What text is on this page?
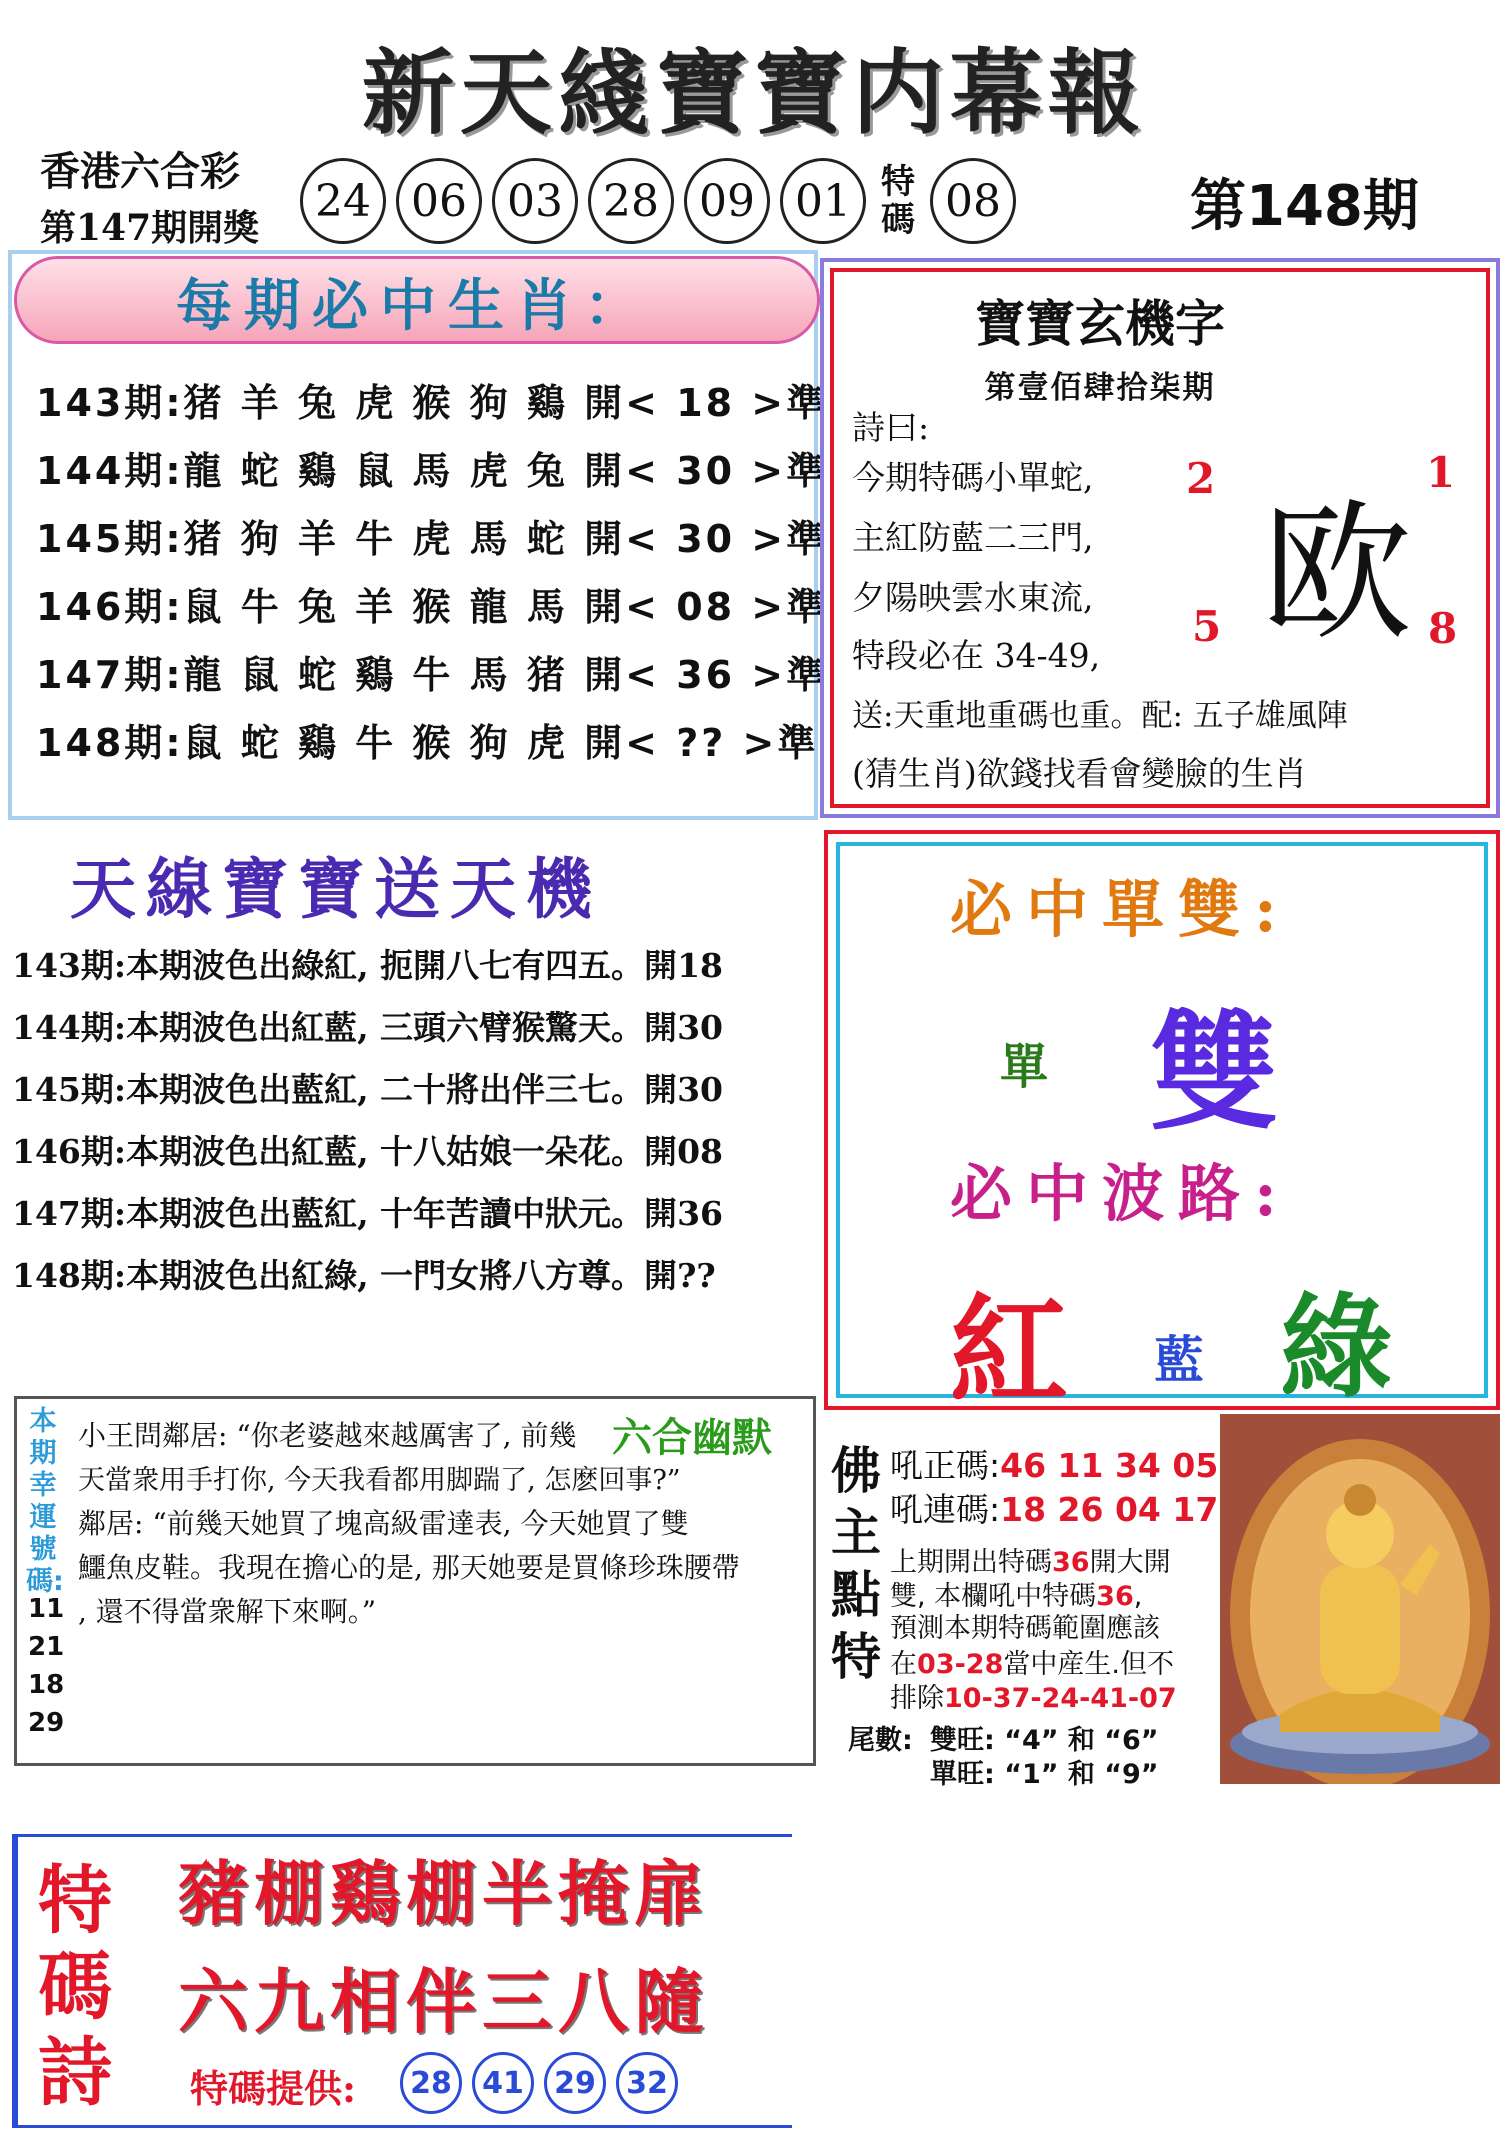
新天綫寶寶内幕報
香港六合彩
第147期開獎
24 06 03 28 09 01 特碼 08	第148期
每期必中生肖：
143期:猪 羊 兔 虎 猴 狗 鷄 開< 18 >準
144期:龍 蛇 鷄 鼠 馬 虎 兔 開< 30 >準
145期:猪 狗 羊 牛 虎 馬 蛇 開< 30 >準
146期:鼠 牛 兔 羊 猴 龍 馬 開< 08 >準
147期:龍 鼠 蛇 鷄 牛 馬 猪 開< 36 >準
148期:鼠 蛇 鷄 牛 猴 狗 虎 開< ?? >準
寶寶玄機字
第壹佰肆拾柒期
詩曰:
今期特碼小單蛇,
主紅防藍二三門,
夕陽映雲水東流,
特段必在 34-49, 欧
2	1
5	8
送:天重地重碼也重。配: 五子雄風陣
(猜生肖)欲錢找看會變臉的生肖
天線寶寶送天機
143期:本期波色出綠紅, 扼開八七有四五。開18
144期:本期波色出紅藍, 三頭六臂猴驚天。開30
145期:本期波色出藍紅, 二十將出伴三七。開30
146期:本期波色出紅藍, 十八姑娘一朵花。開08
147期:本期波色出藍紅, 十年苦讀中狀元。開36
148期:本期波色出紅綠, 一門女將八方尊。開??
必中單雙:
單 雙
必中波路:
紅 藍 綠
本期幸運號碼:
11
21
18
29
小王問鄰居: “你老婆越來越厲害了, 前幾 六合幽默
天當衆用手打你, 今天我看都用脚踹了, 怎麽回事?”
鄰居: “前幾天她買了塊高級雷達表, 今天她買了雙
鱷魚皮鞋。我現在擔心的是, 那天她要是買條珍珠腰帶
, 還不得當衆解下來啊。”
佛主點特
吼正碼:46 11 34 05
吼連碼:18 26 04 17
上期開出特碼36開大開
雙, 本欄吼中特碼36,
預測本期特碼範圍應該
在03-28當中産生.但不
排除10-37-24-41-07
尾數: 雙旺: “4” 和 “6”
單旺: “1” 和 “9”
特碼詩
豬棚鷄棚半掩扉
六九相伴三八隨
特碼提供:	28	41	29	32
